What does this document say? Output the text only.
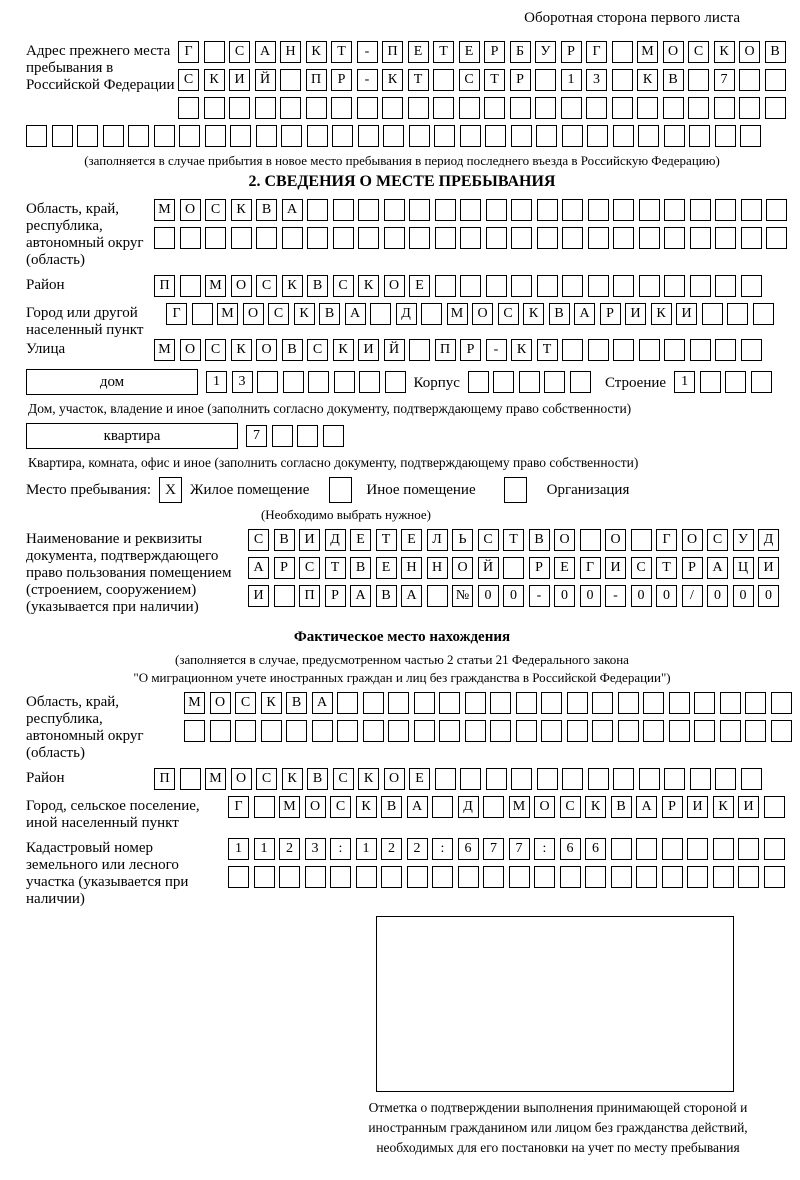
Оборотная сторона первого листа
Адрес прежнего места пребывания в Российской Федерации
Г	С	А	Н	К	Т	-	П	Е	Т	Е	Р	Б	У	Р	Г	М	О	С	К	О	В
С	К	И	Й	П	Р	-	К	Т	С	Т	Р	1	3	К	В	7
(заполняется в случае прибытия в новое место пребывания в период последнего въезда в Российскую Федерацию)
2. СВЕДЕНИЯ О МЕСТЕ ПРЕБЫВАНИЯ
Область, край, республика, автономный округ (область)
М	О	С	К	В	А
Район	П	М	О	С	К	В	С	К	О	Е
Город или другой населенный пункт
Г	М	О	С	К	В	А	Д	М	О	С	К	В	А	Р	И	К	И
Улица	М	О	С	К	О	В	С	К	И	Й	П	Р	-	К	Т
дом	1	3	Корпус	Строение	1
Дом, участок, владение и иное (заполнить согласно документу, подтверждающему право собственности)
квартира	7
Квартира, комната, офис и иное (заполнить согласно документу, подтверждающему право собственности)
Место пребывания: X Жилое помещение	Иное помещение	Организация
(Необходимо выбрать нужное)
Наименование и реквизиты документа, подтверждающего право пользования помещением (строением, сооружением) (указывается при наличии)
С	В	И	Д	Е	Т	Е	Л	Ь	С	Т	В	О	О	Г	О	С	У	Д
А	Р	С	Т	В	Е	Н	Н	О	Й	Р	Е	Г	И	С	Т	Р	А	Ц	И
И	П	Р	А	В	А	№	0	0	-	0	0	-	0	0	/	0	0	0
Фактическое место нахождения
(заполняется в случае, предусмотренном частью 2 статьи 21 Федерального закона
"О миграционном учете иностранных граждан и лиц без гражданства в Российской Федерации")
Область, край, республика, автономный округ (область)
М	О	С	К	В	А
Район	П	М	О	С	К	В	С	К	О	Е
Город, сельское поселение, иной населенный пункт
Г	М	О	С	К	В	А	Д	М	О	С	К	В	А	Р	И	К	И
Кадастровый номер земельного или лесного участка (указывается при наличии)
1	1	2	3	:	1	2	2	:	6	7	7	:	6	6
Отметка о подтверждении выполнения принимающей стороной и иностранным гражданином или лицом без гражданства действий, необходимых для его постановки на учет по месту пребывания
